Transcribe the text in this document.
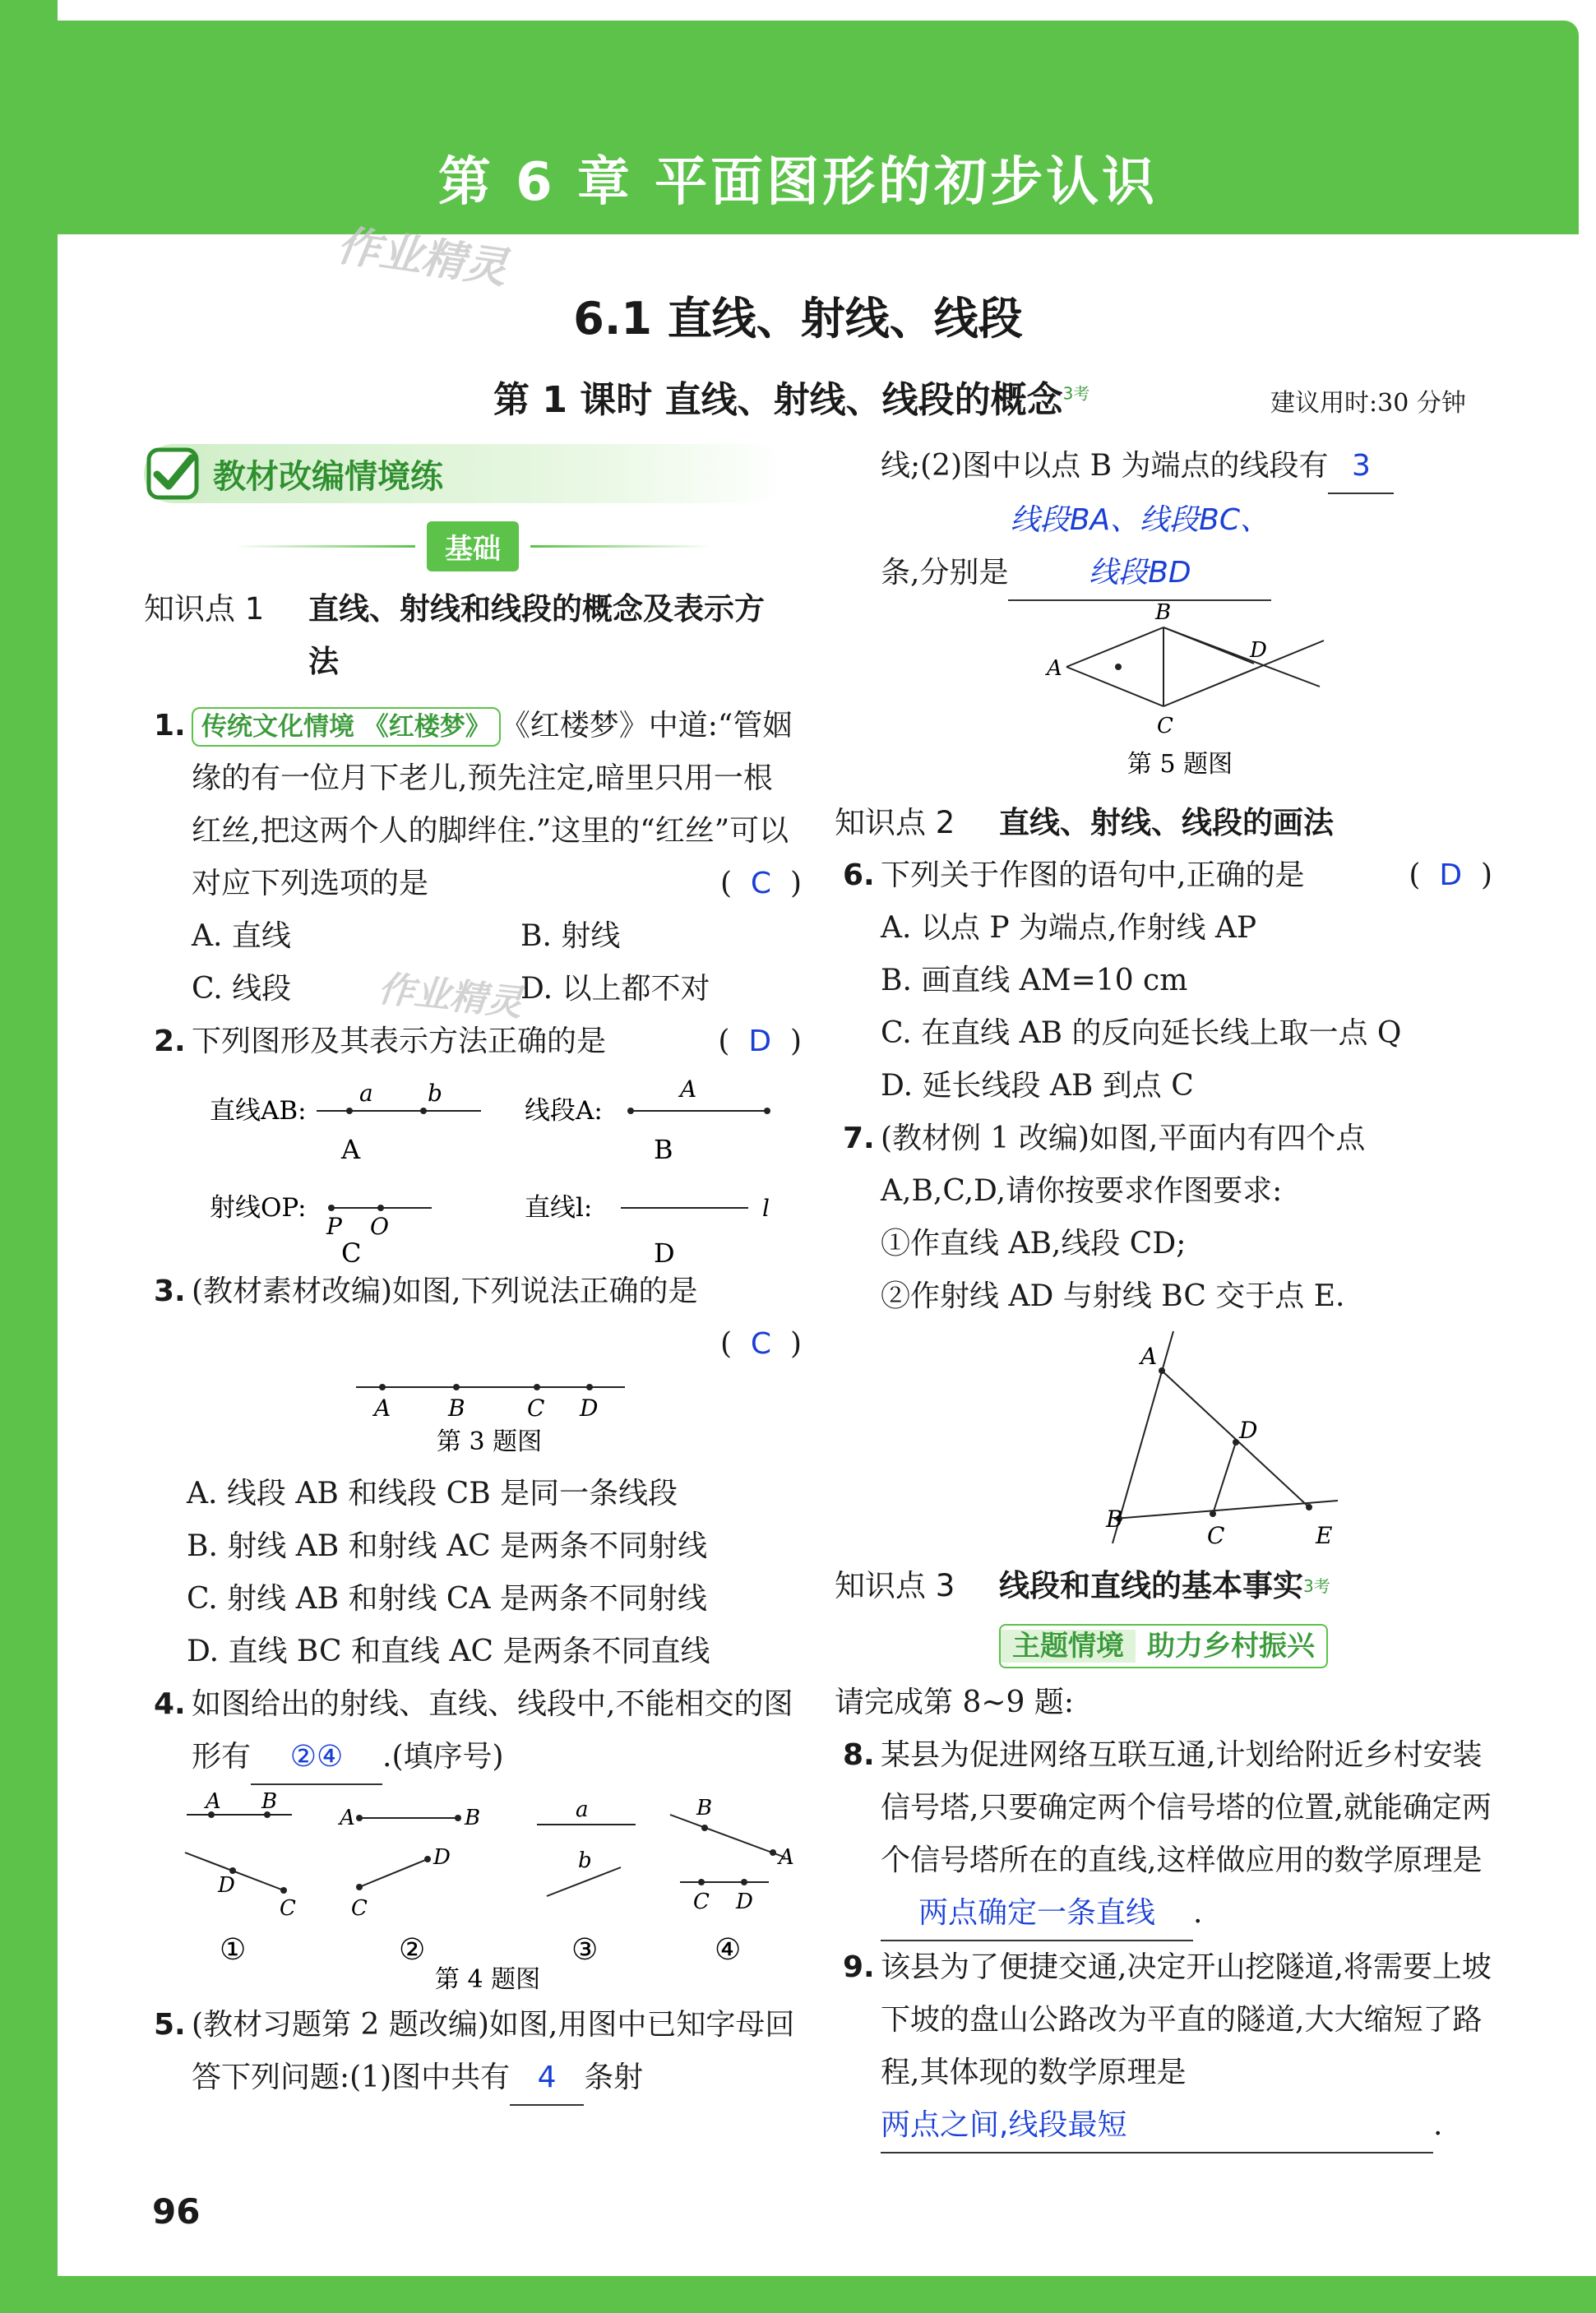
第 6 章 平面图形的初步认识
作业精灵
作业精灵
6.1 直线、射线、线段
第 1 课时 直线、射线、线段的概念$^{3考}$	建议用时:30 分钟
教材改编情境练
基础
知识点 1	直线、射线和线段的概念及表示方法
1. 传统文化情境 《红楼梦》 《红楼梦》中道:“管姻缘的有一位月下老儿,预先注定,暗里只用一根红丝,把这两个人的脚绊住.”这里的“红丝”可以对应下列选项的是	(  C  )
A. 直线	B. 射线
C. 线段	D. 以上都不对
2. 下列图形及其表示方法正确的是	(  D  )
直线AB:
a b
A
线段A:
A
B
射线OP:
P O
C
直线l:	l
D
3. (教材素材改编)如图,下列说法正确的是
(  C  )
A B	C D
第 3 题图
A. 线段 AB 和线段 CB 是同一条线段
B. 射线 AB 和射线 AC 是两条不同射线
C. 射线 AB 和射线 CA 是两条不同射线
D. 直线 BC 和直线 AC 是两条不同直线
4. 如图给出的射线、直线、线段中,不能相交的图形有 ②④ .(填序号)
A B
D
C
①
A	B
D
C
②
a
b
③
B
A
C D
④
第 4 题图
5. (教材习题第 2 题改编)如图,用图中已知字母回答下列问题:(1)图中共有 4 条射
线;(2)图中以点 B 为端点的线段有 3
条,分别是线段BA、线段BC、线段BD
A
B
C
D
第 5 题图
知识点 2	直线、射线、线段的画法
6. 下列关于作图的语句中,正确的是	(  D  )
A. 以点 P 为端点,作射线 AP
B. 画直线 AM=10 cm
C. 在直线 AB 的反向延长线上取一点 Q
D. 延长线段 AB 到点 C
7. (教材例 1 改编)如图,平面内有四个点 A,B,C,D,请你按要求作图要求:
①作直线 AB,线段 CD;
②作射线 AD 与射线 BC 交于点 E.
A
D
B
C	E
知识点 3	线段和直线的基本事实 3考
主题情境 助力乡村振兴
请完成第 8~9 题:
8. 某县为促进网络互联互通,计划给附近乡村安装信号塔,只要确定两个信号塔的位置,就能确定两个信号塔所在的直线,这样做应用的数学原理是两点确定一条直线 .
9. 该县为了便捷交通,决定开山挖隧道,将需要上坡下坡的盘山公路改为平直的隧道,大大缩短了路程,其体现的数学原理是两点之间,线段最短	.
96
